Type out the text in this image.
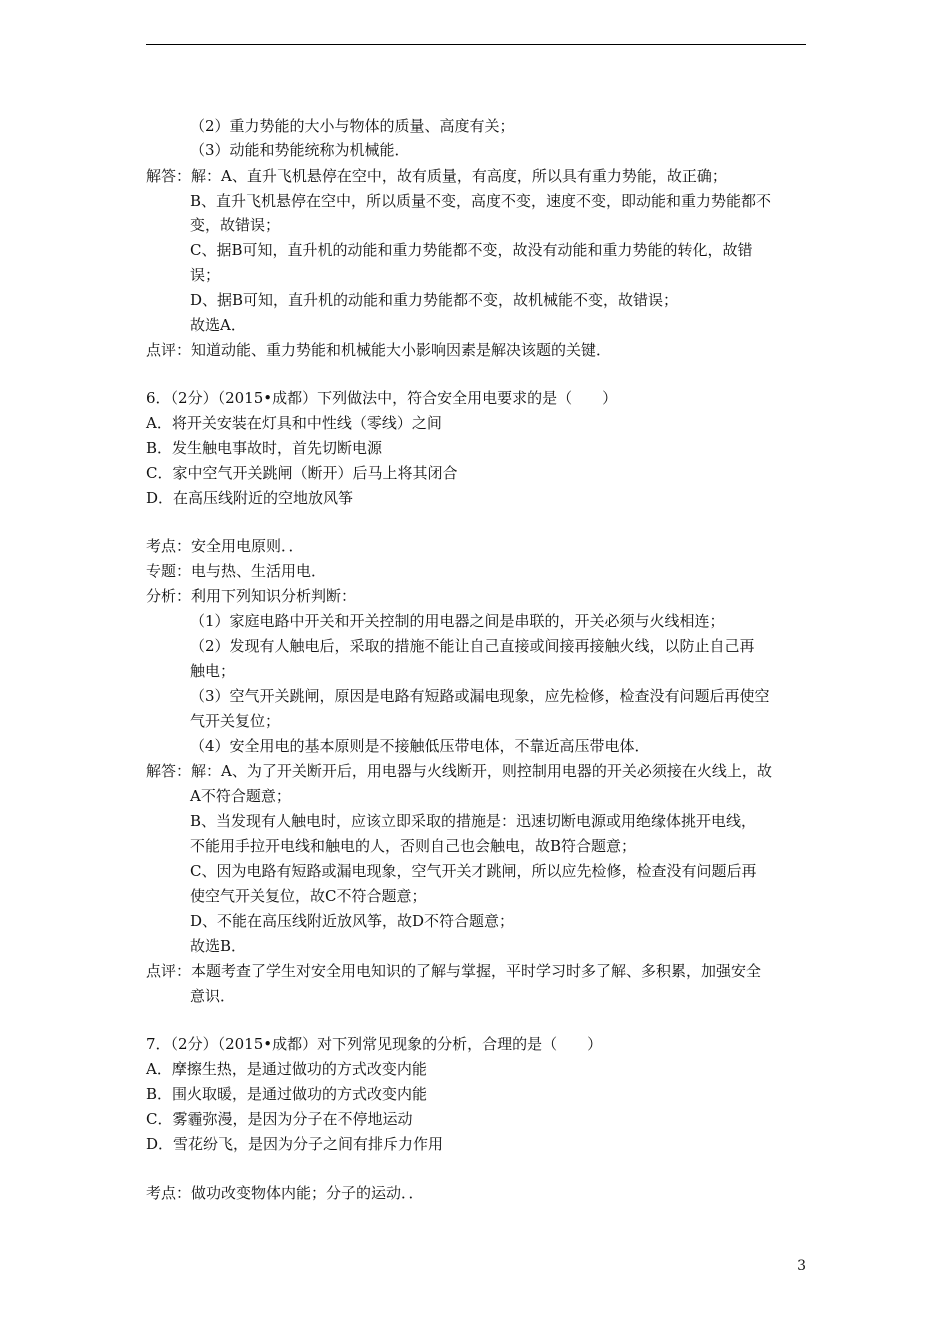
（2）重力势能的大小与物体的质量、高度有关；
（3）动能和势能统称为机械能．
解答：解：A、直升飞机悬停在空中，故有质量，有高度，所以具有重力势能，故正确；
B、直升飞机悬停在空中，所以质量不变，高度不变，速度不变，即动能和重力势能都不
变，故错误；
C、据B可知，直升机的动能和重力势能都不变，故没有动能和重力势能的转化，故错
误；
D、据B可知，直升机的动能和重力势能都不变，故机械能不变，故错误；
故选A．
点评：知道动能、重力势能和机械能大小影响因素是解决该题的关键．
6．（2分）（2015•成都）下列做法中，符合安全用电要求的是（　　）
A．将开关安装在灯具和中性线（零线）之间
B．发生触电事故时，首先切断电源
C．家中空气开关跳闸（断开）后马上将其闭合
D．在高压线附近的空地放风筝
考点：安全用电原则．．
专题：电与热、生活用电．
分析：利用下列知识分析判断：
（1）家庭电路中开关和开关控制的用电器之间是串联的，开关必须与火线相连；
（2）发现有人触电后，采取的措施不能让自己直接或间接再接触火线，以防止自己再
触电；
（3）空气开关跳闸，原因是电路有短路或漏电现象，应先检修，检查没有问题后再使空
气开关复位；
（4）安全用电的基本原则是不接触低压带电体，不靠近高压带电体．
解答：解：A、为了开关断开后，用电器与火线断开，则控制用电器的开关必须接在火线上，故
A不符合题意；
B、当发现有人触电时，应该立即采取的措施是：迅速切断电源或用绝缘体挑开电线，
不能用手拉开电线和触电的人，否则自己也会触电，故B符合题意；
C、因为电路有短路或漏电现象，空气开关才跳闸，所以应先检修，检查没有问题后再
使空气开关复位，故C不符合题意；
D、不能在高压线附近放风筝，故D不符合题意；
故选B．
点评：本题考查了学生对安全用电知识的了解与掌握，平时学习时多了解、多积累，加强安全
意识．
7．（2分）（2015•成都）对下列常见现象的分析，合理的是（　　）
A．摩擦生热，是通过做功的方式改变内能
B．围火取暖，是通过做功的方式改变内能
C．雾霾弥漫，是因为分子在不停地运动
D．雪花纷飞，是因为分子之间有排斥力作用
考点：做功改变物体内能；分子的运动．．
3
